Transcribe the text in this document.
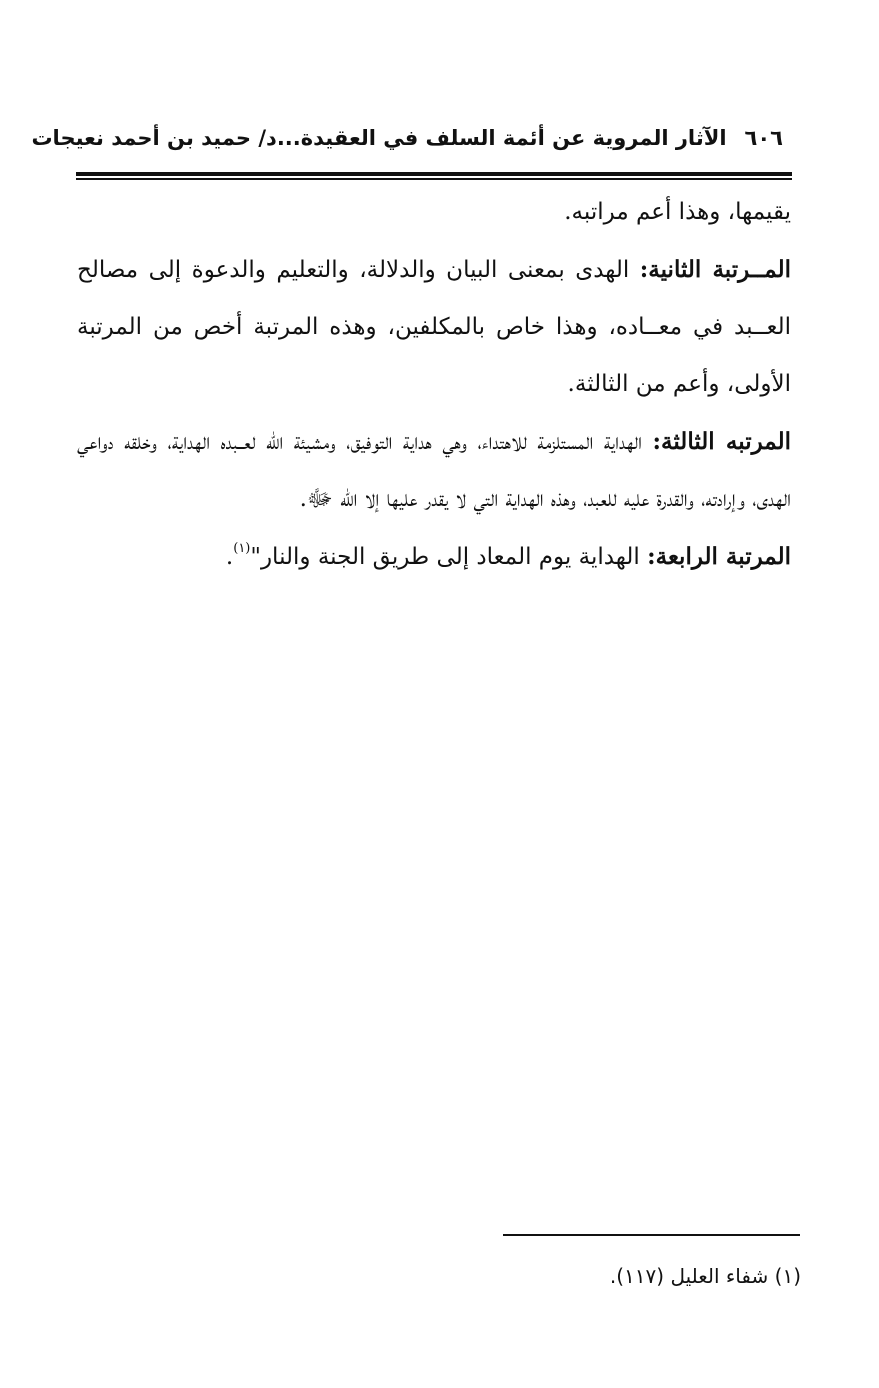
٦٠٦
الآثار المروية عن أئمة السلف في العقيدة...د/ حميد بن أحمد نعيجات

يقيمها، وهذا أعم مراتبه.

المــرتبة الثانية: الهدى بمعنى البيان والدلالة، والتعليم والدعوة إلى مصالح العــبد في معــاده، وهذا خاص بالمكلفين، وهذه المرتبة أخص من المرتبة الأولى، وأعم من الثالثة.

المرتبه الثالثة: الهداية المستلزمة للاهتداء، وهي هداية التوفيق، ومشيئة الله لعــبده الهداية، وخلقه دواعي الهدى، وإرادته، والقدرة عليه للعبد، وهذه الهداية التي لا يقدر عليها إلا الله ﷻ.

المرتبة الرابعة: الهداية يوم المعاد إلى طريق الجنة والنار"$^{(١)}$.

(١) شفاء العليل (١١٧).
